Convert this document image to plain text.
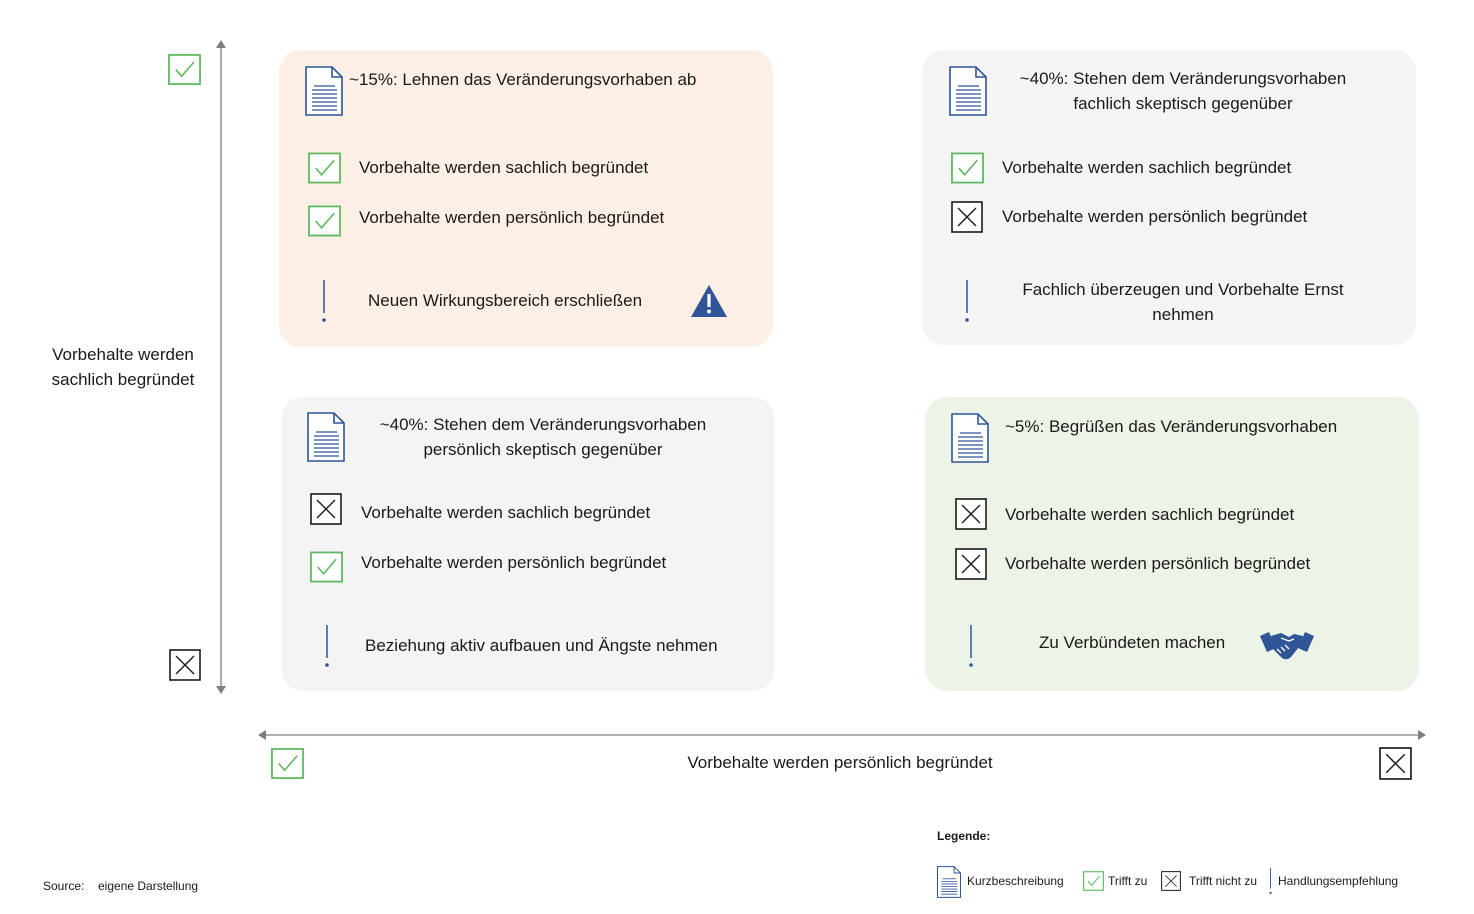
Vorbehalte werden sachlich begründet
Vorbehalte werden persönlich begründet
~15%: Lehnen das Veränderungsvorhaben ab
Vorbehalte werden sachlich begründet
Vorbehalte werden persönlich begründet
Neuen Wirkungsbereich erschließen
~40%: Stehen dem Veränderungsvorhaben fachlich skeptisch gegenüber
Vorbehalte werden sachlich begründet
Vorbehalte werden persönlich begründet
Fachlich überzeugen und Vorbehalte Ernst nehmen
~40%: Stehen dem Veränderungsvorhaben persönlich skeptisch gegenüber
Vorbehalte werden sachlich begründet
Vorbehalte werden persönlich begründet
Beziehung aktiv aufbauen und Ängste nehmen
~5%: Begrüßen das Veränderungsvorhaben
Vorbehalte werden sachlich begründet
Vorbehalte werden persönlich begründet
Zu Verbündeten machen
Legende:
Kurzbeschreibung	Trifft zu	Trifft nicht zu Handlungsempfehlung
Source: eigene Darstellung
